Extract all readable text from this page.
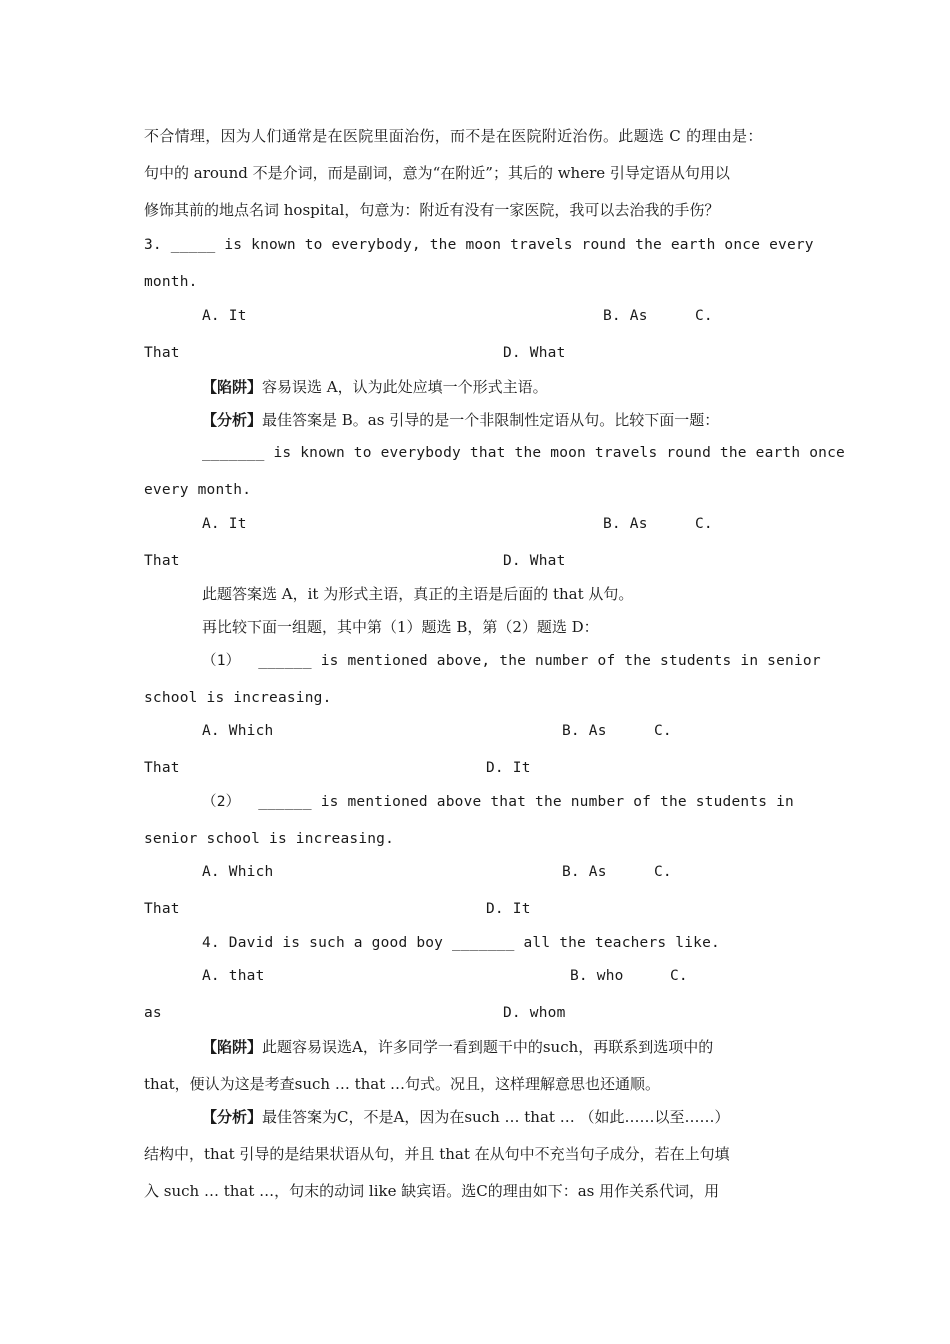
不合情理，因为人们通常是在医院里面治伤，而不是在医院附近治伤。此题选 C 的理由是：
句中的 around 不是介词，而是副词，意为“在附近”；其后的 where 引导定语从句用以
修饰其前的地点名词 hospital，句意为：附近有没有一家医院，我可以去治我的手伤？
3. _____ is known to everybody, the moon travels round the earth once every
month.
A. It	B. As	C.
That	D. What
【陷阱】容易误选 A，认为此处应填一个形式主语。
【分析】最佳答案是 B。as 引导的是一个非限制性定语从句。比较下面一题：
_______ is known to everybody that the moon travels round the earth once
every month.
A. It	B. As	C.
That	D. What
此题答案选 A，it 为形式主语，真正的主语是后面的 that 从句。
再比较下面一组题，其中第（1）题选 B，第（2）题选 D：
（1）  ______ is mentioned above, the number of the students in senior
school is increasing.
A. Which	B. As	C.
That	D. It
（2）  ______ is mentioned above that the number of the students in
senior school is increasing.
A. Which	B. As	C.
That	D. It
4. David is such a good boy _______ all the teachers like.
A. that	B. who	C.
as	D. whom
【陷阱】此题容易误选A，许多同学一看到题干中的such，再联系到选项中的
that，便认为这是考查such … that …句式。况且，这样理解意思也还通顺。
【分析】最佳答案为C，不是A，因为在such … that … （如此……以至……）
结构中，that 引导的是结果状语从句，并且 that 在从句中不充当句子成分，若在上句填
入 such … that …，句末的动词 like 缺宾语。选C的理由如下：as 用作关系代词，用
